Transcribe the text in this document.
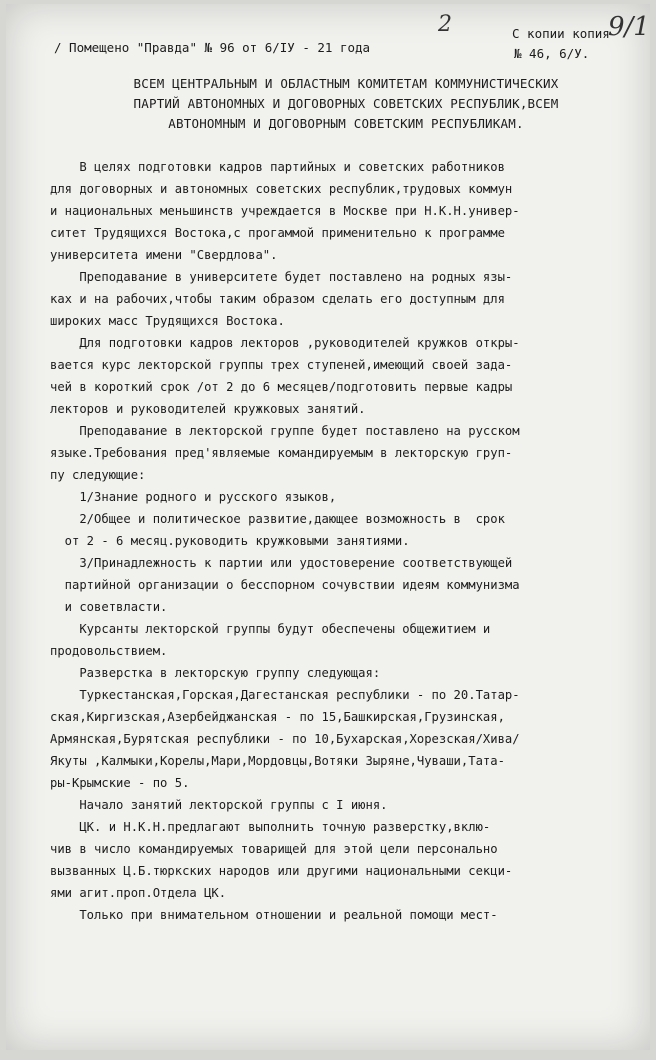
/ Помещено "Правда" № 96 от 6/IУ - 21 года
С копии копия
№ 46, 6/У.
2	9/1
ВСЕМ ЦЕНТРАЛЬНЫМ И ОБЛАСТНЫМ КОМИТЕТАМ КОММУНИСТИЧЕСКИХ
ПАРТИЙ АВТОНОМНЫХ И ДОГОВОРНЫХ СОВЕТСКИХ РЕСПУБЛИК,ВСЕМ
АВТОНОМНЫМ И ДОГОВОРНЫМ СОВЕТСКИМ РЕСПУБЛИКАМ.
В целях подготовки кадров партийных и советских работников
для договорных и автономных советских республик,трудовых коммун
и национальных меньшинств учреждается в Москве при Н.К.Н.универ-
ситет Трудящихся Востока,с прогаммой применительно к программе
университета имени "Свердлова".
Преподавание в университете будет поставлено на родных язы-
ках и на рабочих,чтобы таким образом сделать его доступным для
широких масс Трудящихся Востока.
Для подготовки кадров лекторов ,руководителей кружков откры-
вается курс лекторской группы трех ступеней,имеющий своей зада-
чей в короткий срок /от 2 до 6 месяцев/подготовить первые кадры
лекторов и руководителей кружковых занятий.
Преподавание в лекторской группе будет поставлено на русском
языке.Требования пред'являемые командируемым в лекторскую груп-
пу следующие:
1/Знание родного и русского языков,
2/Общее и политическое развитие,дающее возможность в  срок
от 2 - 6 месяц.руководить кружковыми занятиями.
3/Принадлежность к партии или удостоверение соответствующей
партийной организации о бесспорном сочувствии идеям коммунизма
и советвласти.
Курсанты лекторской группы будут обеспечены общежитием и
продовольствием.
Разверстка в лекторскую группу следующая:
Туркестанская,Горская,Дагестанская республики - по 20.Татар-
ская,Киргизская,Азербейджанская - по 15,Башкирская,Грузинская,
Армянская,Бурятская республики - по 10,Бухарская,Хорезская/Хива/
Якуты ,Калмыки,Корелы,Мари,Мордовцы,Вотяки Зыряне,Чуваши,Тата-
ры-Крымские - по 5.
Начало занятий лекторской группы с I июня.
ЦК. и Н.К.Н.предлагают выполнить точную разверстку,вклю-
чив в число командируемых товарищей для этой цели персонально
вызванных Ц.Б.тюркских народов или другими национальными секци-
ями агит.проп.Отдела ЦК.
Только при внимательном отношении и реальной помощи мест-
